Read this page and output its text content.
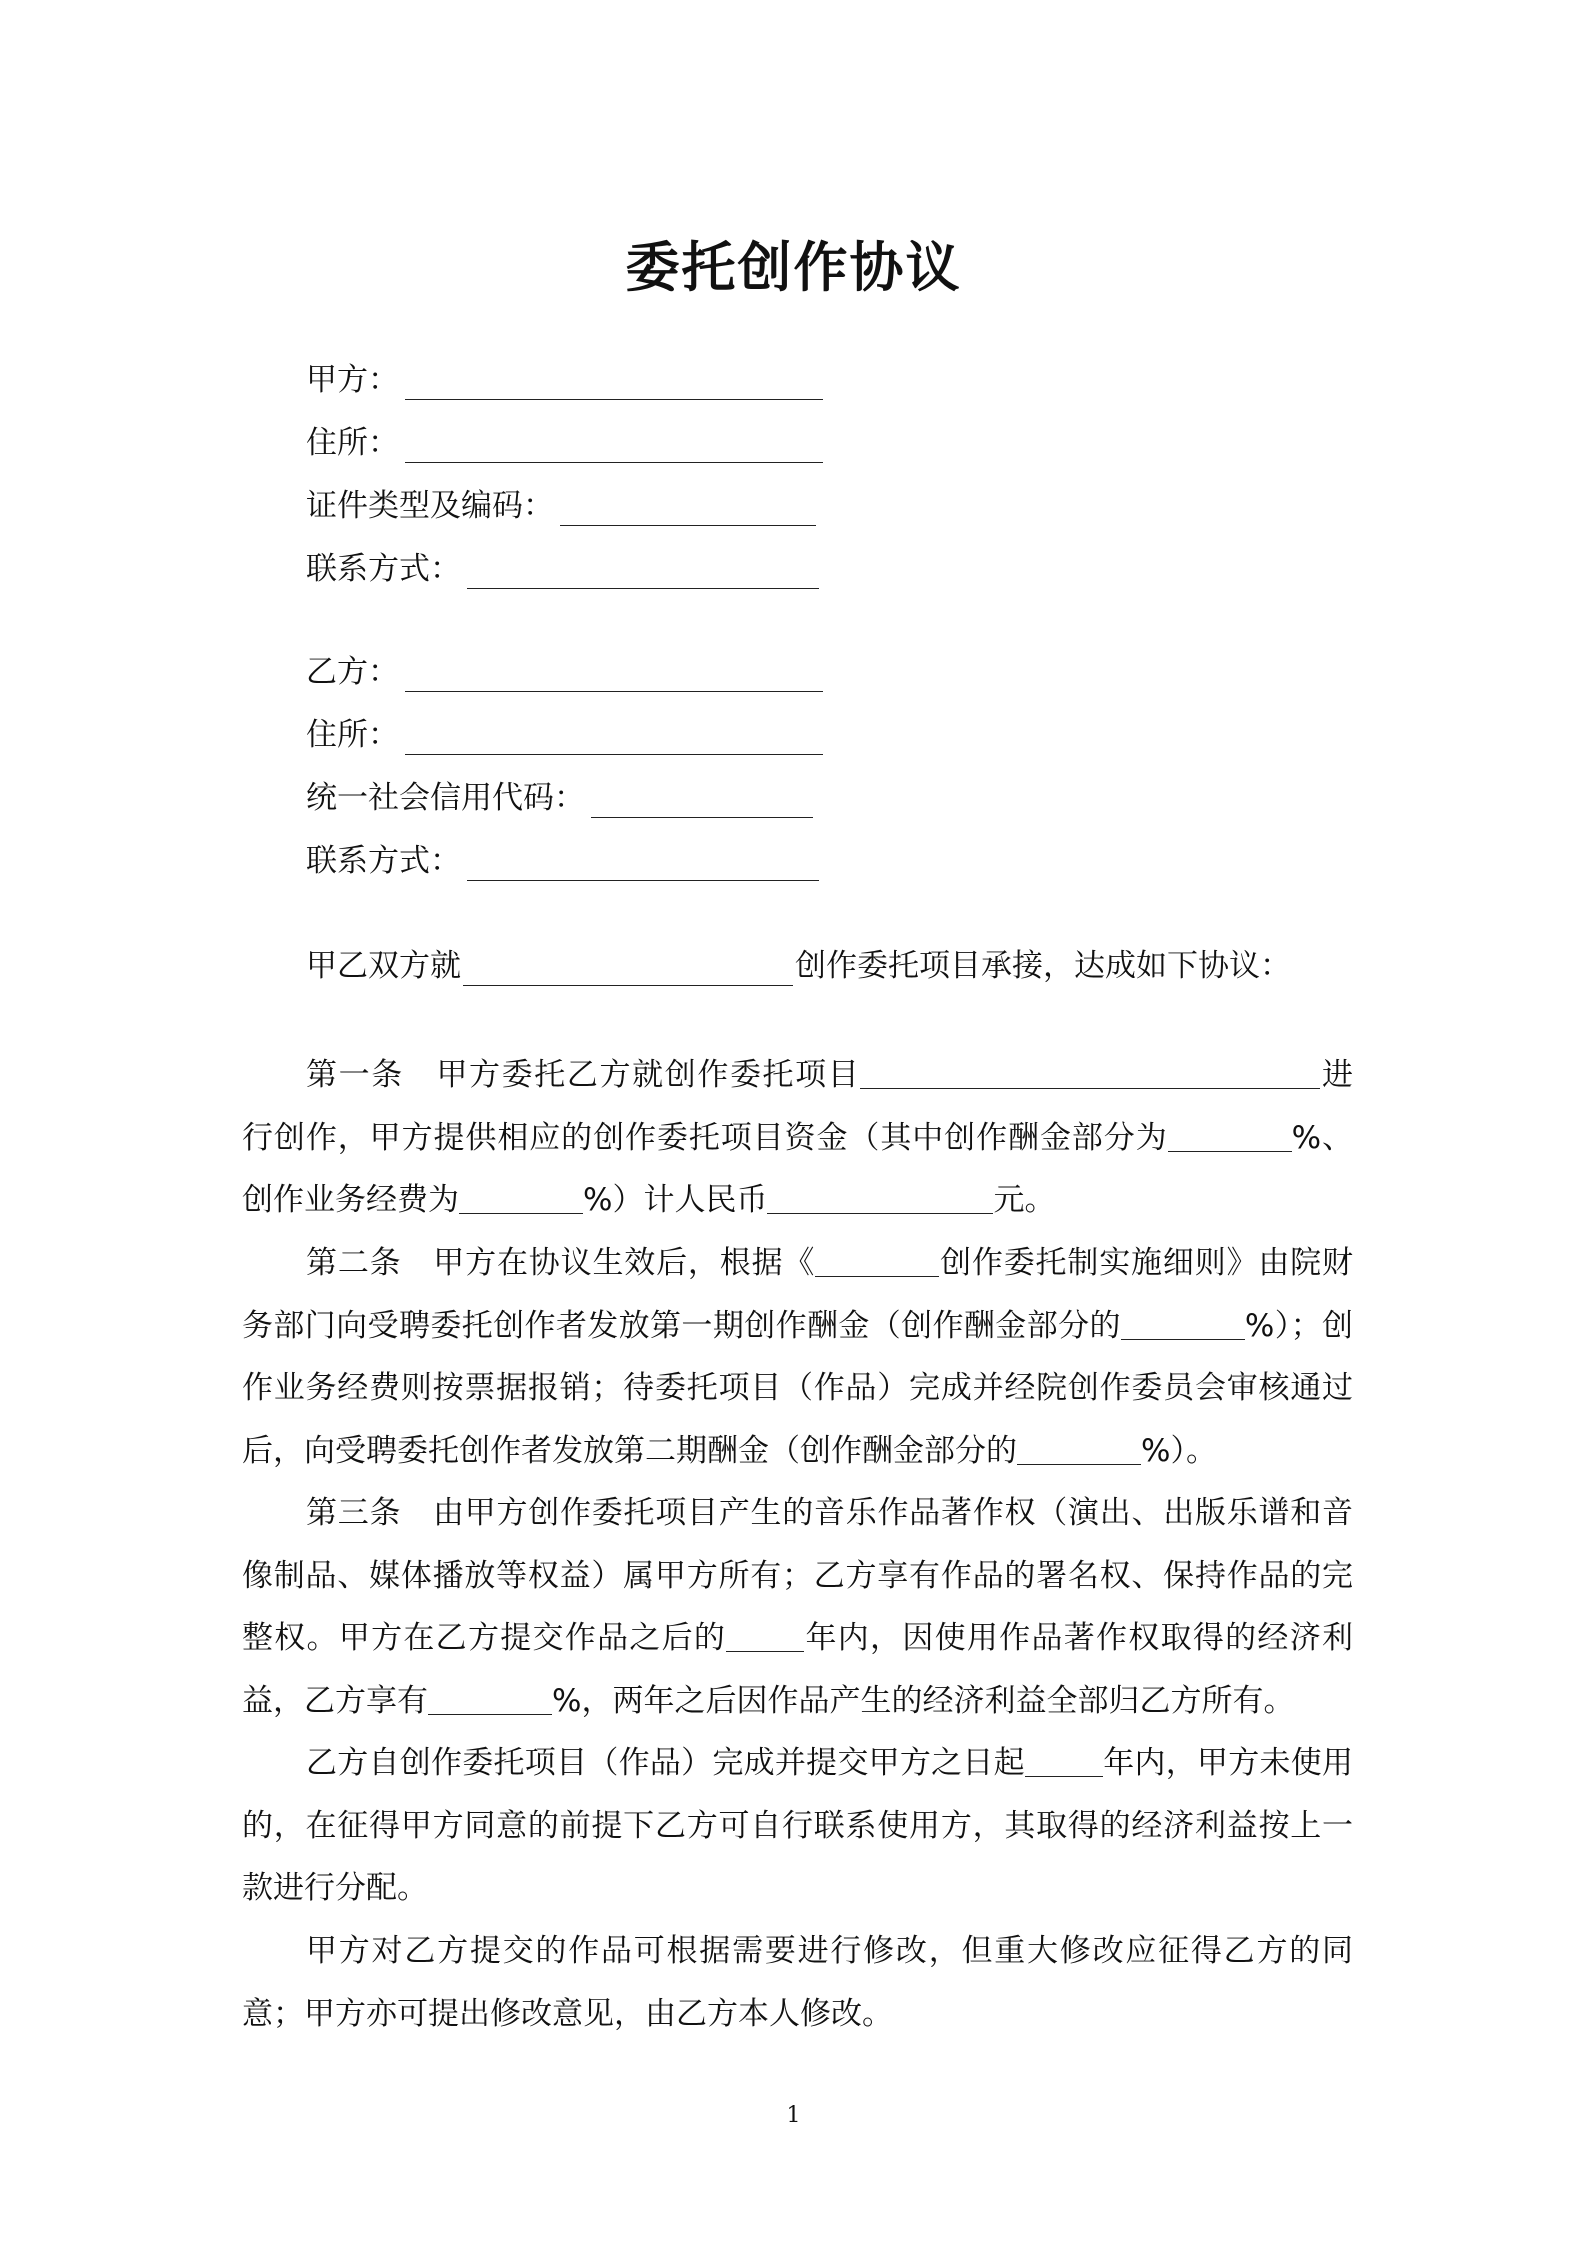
委托创作协议
甲方：
住所：
证件类型及编码：
联系方式：
乙方：
住所：
统一社会信用代码：
联系方式：
甲乙双方就	创作委托项目承接，达成如下协议：
第一条　甲方委托乙方就创作委托项目	进行创作，甲方提供相应的创作委托项目资金（其中创作酬金部分为	%、创作业务经费为	%）计人民币	元。
第二条　甲方在协议生效后，根据《	创作委托制实施细则》由院财务部门向受聘委托创作者发放第一期创作酬金（创作酬金部分的	%）；创作业务经费则按票据报销；待委托项目（作品）完成并经院创作委员会审核通过后，向受聘委托创作者发放第二期酬金（创作酬金部分的	%）。
第三条　由甲方创作委托项目产生的音乐作品著作权（演出、出版乐谱和音像制品、媒体播放等权益）属甲方所有；乙方享有作品的署名权、保持作品的完整权。甲方在乙方提交作品之后的	年内，因使用作品著作权取得的经济利益，乙方享有	%，两年之后因作品产生的经济利益全部归乙方所有。
乙方自创作委托项目（作品）完成并提交甲方之日起	年内，甲方未使用的，在征得甲方同意的前提下乙方可自行联系使用方，其取得的经济利益按上一款进行分配。
甲方对乙方提交的作品可根据需要进行修改，但重大修改应征得乙方的同意；甲方亦可提出修改意见，由乙方本人修改。
1
